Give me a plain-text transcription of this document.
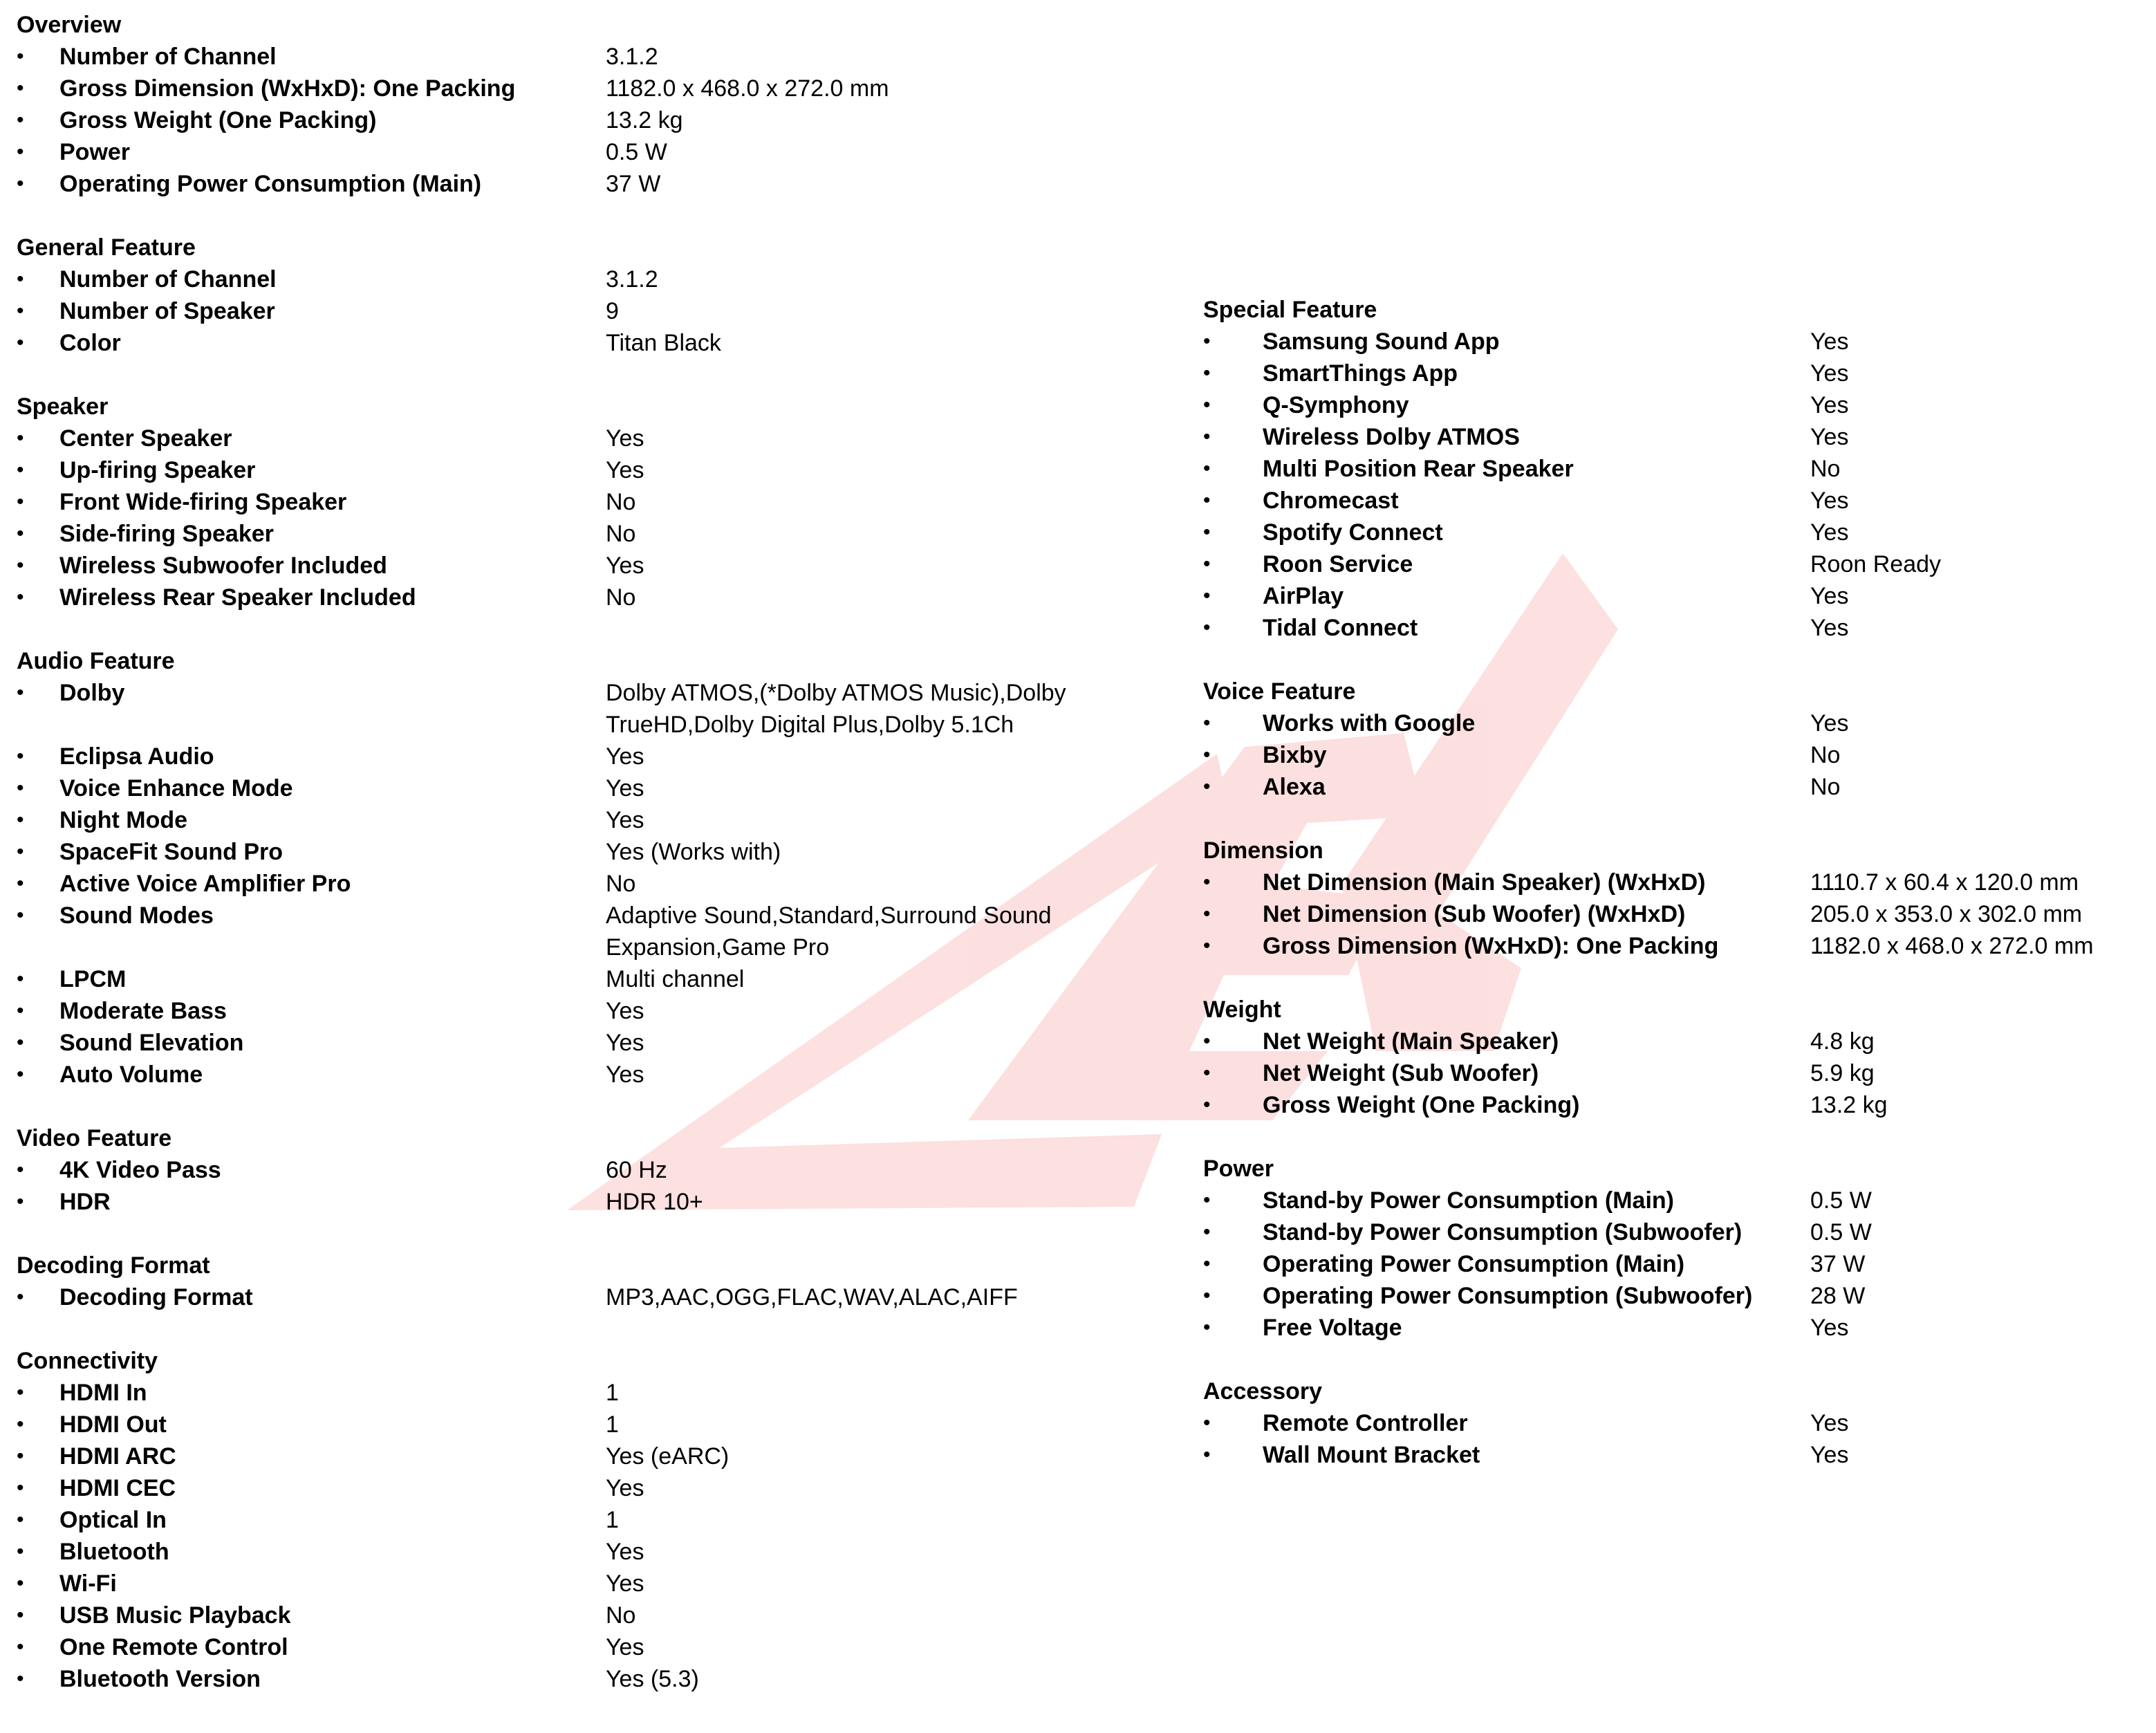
Overview
•	Number of Channel	3.1.2
•	Gross Dimension (WxHxD): One Packing	1182.0 x 468.0 x 272.0 mm
•	Gross Weight (One Packing)	13.2 kg
•	Power	0.5 W
•	Operating Power Consumption (Main)	37 W
General Feature
•	Number of Channel	3.1.2
•	Number of Speaker	9
•	Color	Titan Black
Speaker
•	Center Speaker	Yes
•	Up-firing Speaker	Yes
•	Front Wide-firing Speaker	No
•	Side-firing Speaker	No
•	Wireless Subwoofer Included	Yes
•	Wireless Rear Speaker Included	No
Audio Feature
•	Dolby	Dolby ATMOS,(*Dolby ATMOS Music),Dolby TrueHD,Dolby Digital Plus,Dolby 5.1Ch
•	Eclipsa Audio	Yes
•	Voice Enhance Mode	Yes
•	Night Mode	Yes
•	SpaceFit Sound Pro	Yes (Works with)
•	Active Voice Amplifier Pro	No
•	Sound Modes	Adaptive Sound,Standard,Surround Sound Expansion,Game Pro
•	LPCM	Multi channel
•	Moderate Bass	Yes
•	Sound Elevation	Yes
•	Auto Volume	Yes
Video Feature
•	4K Video Pass	60 Hz
•	HDR	HDR 10+
Decoding Format
•	Decoding Format	MP3,AAC,OGG,FLAC,WAV,ALAC,AIFF
Connectivity
•	HDMI In	1
•	HDMI Out	1
•	HDMI ARC	Yes (eARC)
•	HDMI CEC	Yes
•	Optical In	1
•	Bluetooth	Yes
•	Wi-Fi	Yes
•	USB Music Playback	No
•	One Remote Control	Yes
•	Bluetooth Version	Yes (5.3)
Special Feature
•	Samsung Sound App	Yes
•	SmartThings App	Yes
•	Q-Symphony	Yes
•	Wireless Dolby ATMOS	Yes
•	Multi Position Rear Speaker	No
•	Chromecast	Yes
•	Spotify Connect	Yes
•	Roon Service	Roon Ready
•	AirPlay	Yes
•	Tidal Connect	Yes
Voice Feature
•	Works with Google	Yes
•	Bixby	No
•	Alexa	No
Dimension
•	Net Dimension (Main Speaker) (WxHxD)	1110.7 x 60.4 x 120.0 mm
•	Net Dimension (Sub Woofer) (WxHxD)	205.0 x 353.0 x 302.0 mm
•	Gross Dimension (WxHxD): One Packing	1182.0 x 468.0 x 272.0 mm
Weight
•	Net Weight (Main Speaker)	4.8 kg
•	Net Weight (Sub Woofer)	5.9 kg
•	Gross Weight (One Packing)	13.2 kg
Power
•	Stand-by Power Consumption (Main)	0.5 W
•	Stand-by Power Consumption (Subwoofer)	0.5 W
•	Operating Power Consumption (Main)	37 W
•	Operating Power Consumption (Subwoofer)	28 W
•	Free Voltage	Yes
Accessory
•	Remote Controller	Yes
•	Wall Mount Bracket	Yes
